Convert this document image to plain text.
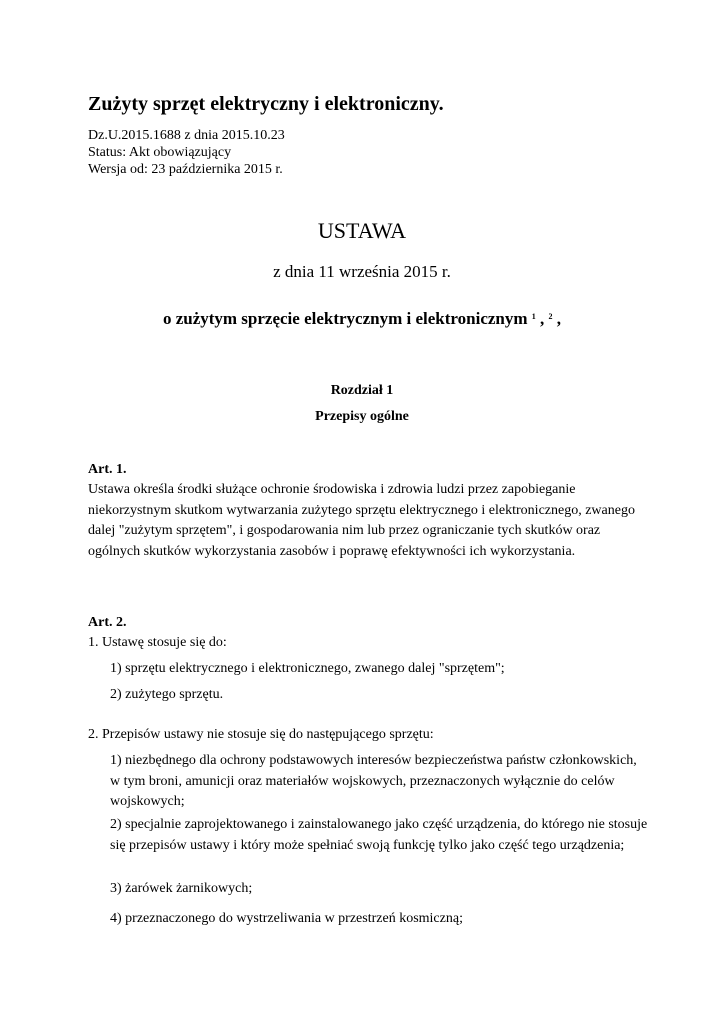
Zużyty sprzęt elektryczny i elektroniczny.
Dz.U.2015.1688 z dnia 2015.10.23
Status: Akt obowiązujący
Wersja od: 23 października 2015 r.
USTAWA
z dnia 11 września 2015 r.
o zużytym sprzęcie elektrycznym i elektronicznym $^1$ , $^2$ ,
Rozdział 1
Przepisy ogólne
Art. 1.
Ustawa określa środki służące ochronie środowiska i zdrowia ludzi przez zapobieganie niekorzystnym skutkom wytwarzania zużytego sprzętu elektrycznego i elektronicznego, zwanego dalej "zużytym sprzętem", i gospodarowania nim lub przez ograniczanie tych skutków oraz ogólnych skutków wykorzystania zasobów i poprawę efektywności ich wykorzystania.
Art. 2.
1. Ustawę stosuje się do:
1) sprzętu elektrycznego i elektronicznego, zwanego dalej "sprzętem";
2) zużytego sprzętu.
2. Przepisów ustawy nie stosuje się do następującego sprzętu:
1) niezbędnego dla ochrony podstawowych interesów bezpieczeństwa państw członkowskich, w tym broni, amunicji oraz materiałów wojskowych, przeznaczonych wyłącznie do celów wojskowych;
2) specjalnie zaprojektowanego i zainstalowanego jako część urządzenia, do którego nie stosuje się przepisów ustawy i który może spełniać swoją funkcję tylko jako część tego urządzenia;
3) żarówek żarnikowych;
4) przeznaczonego do wystrzeliwania w przestrzeń kosmiczną;
